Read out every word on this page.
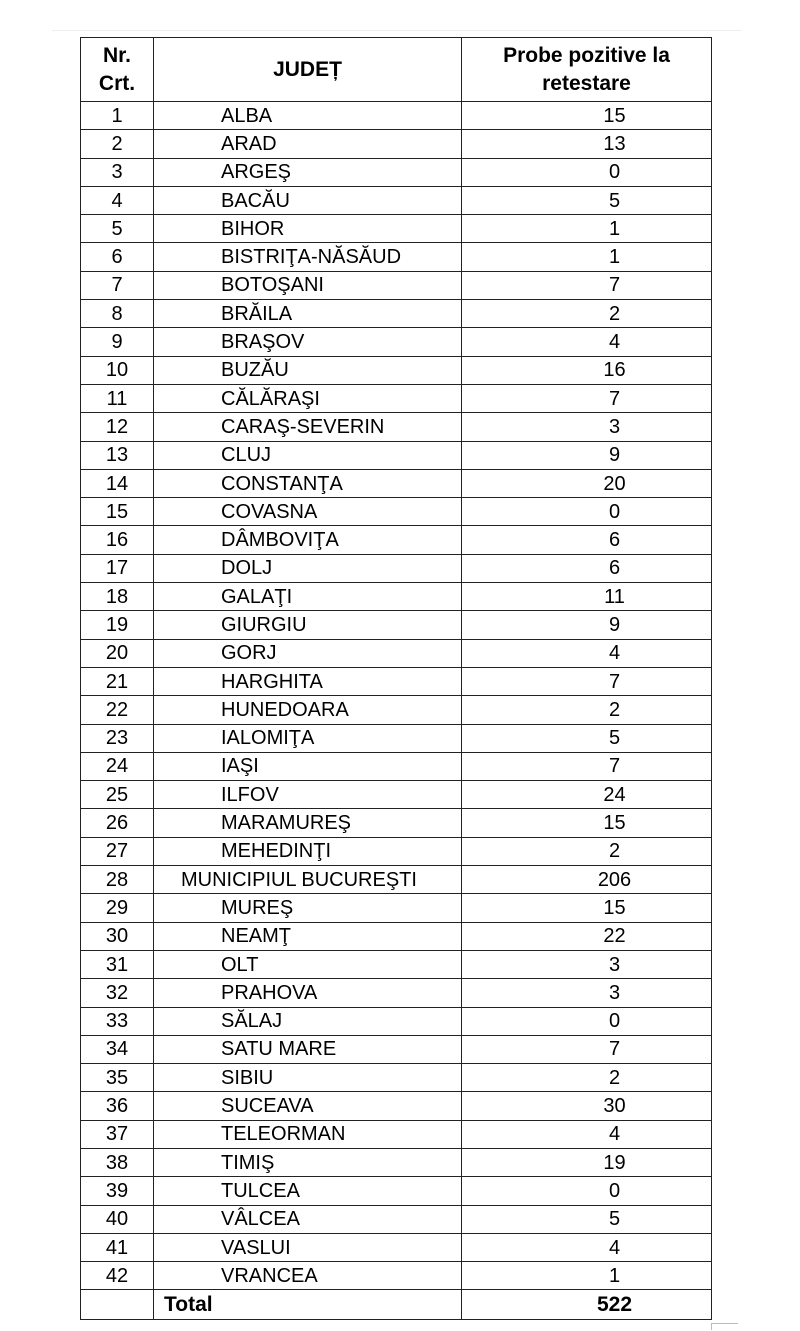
Nr.
Crt.	JUDEȚ	Probe pozitive la
retestare
1	ALBA	15
2	ARAD	13
3	ARGEŞ	0
4	BACĂU	5
5	BIHOR	1
6	BISTRIŢA-NĂSĂUD	1
7	BOTOŞANI	7
8	BRĂILA	2
9	BRAŞOV	4
10	BUZĂU	16
11	CĂLĂRAŞI	7
12	CARAŞ-SEVERIN	3
13	CLUJ	9
14	CONSTANŢA	20
15	COVASNA	0
16	DÂMBOVIŢA	6
17	DOLJ	6
18	GALAŢI	11
19	GIURGIU	9
20	GORJ	4
21	HARGHITA	7
22	HUNEDOARA	2
23	IALOMIŢA	5
24	IAŞI	7
25	ILFOV	24
26	MARAMUREŞ	15
27	MEHEDINŢI	2
28	MUNICIPIUL BUCUREŞTI	206
29	MUREŞ	15
30	NEAMŢ	22
31	OLT	3
32	PRAHOVA	3
33	SĂLAJ	0
34	SATU MARE	7
35	SIBIU	2
36	SUCEAVA	30
37	TELEORMAN	4
38	TIMIŞ	19
39	TULCEA	0
40	VÂLCEA	5
41	VASLUI	4
42	VRANCEA	1
	Total	522
